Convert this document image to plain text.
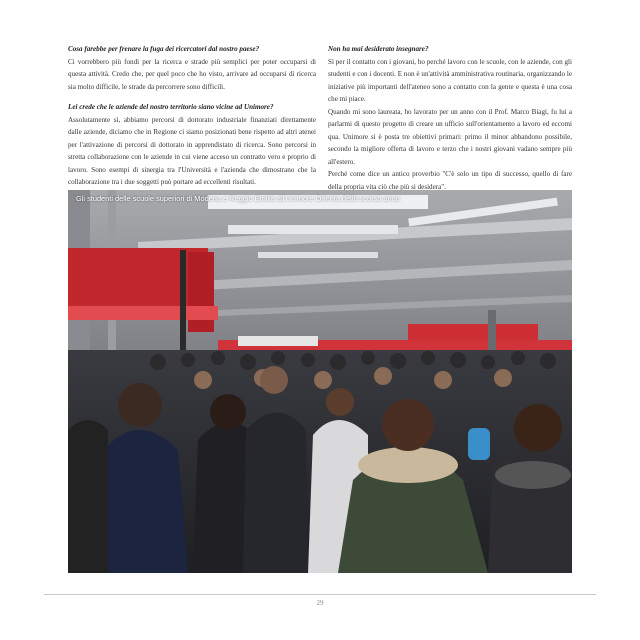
Cosa farebbe per frenare la fuga dei ricercatori dal nostro paese?

Ci vorrebbero più fondi per la ricerca e strade più semplici per poter occuparsi di questa attività. Credo che, per quel poco che ho visto, arrivare ad occuparsi di ricerca sia molto difficile, le strade da percorrere sono difficili.

Lei crede che le aziende del nostro territorio siano vicine ad Unimore?

Assolutamente sì, abbiamo percorsi di dottorato industriale finanziati direttamente dalle aziende, diciamo che in Regione ci siamo posizionati bene rispetto ad altri atenei per l'attivazione di percorsi di dottorato in apprendistato di ricerca. Sono percorsi in stretta collaborazione con le aziende in cui viene acceso un contratto vero e proprio di lavoro. Sono esempi di sinergia tra l'Università e l'azienda che dimostrano che la collaborazione tra i due soggetti può portare ad eccellenti risultati.

Non ha mai desiderato insegnare?

Sì per il contatto con i giovani, ho perché lavoro con le scuole, con le aziende, con gli studenti e con i docenti. E non è un'attività amministrativa routinaria, organizzando le iniziative più importanti dell'ateneo sono a contatto con la gente e questa è una cosa che mi piace.

Quando mi sono laureata, ho lavorato per un anno con il Prof. Marco Biagi, fu lui a parlarmi di questo progetto di creare un ufficio sull'orientamento a lavoro ed eccomi qua. Unimore si è posta tre obiettivi primari: primo il minor abbandono possibile, secondo la migliore offerta di lavoro e terzo che i nostri giovani vadano sempre più all'estero.

Perché come dice un antico proverbio "C'è solo un tipo di successo, quello di fare della propria vita ciò che più si desidera".

Gli studenti delle scuole superiori di Modena e Reggio Emilia all'Unimore Orienta dello scorso anno
29
